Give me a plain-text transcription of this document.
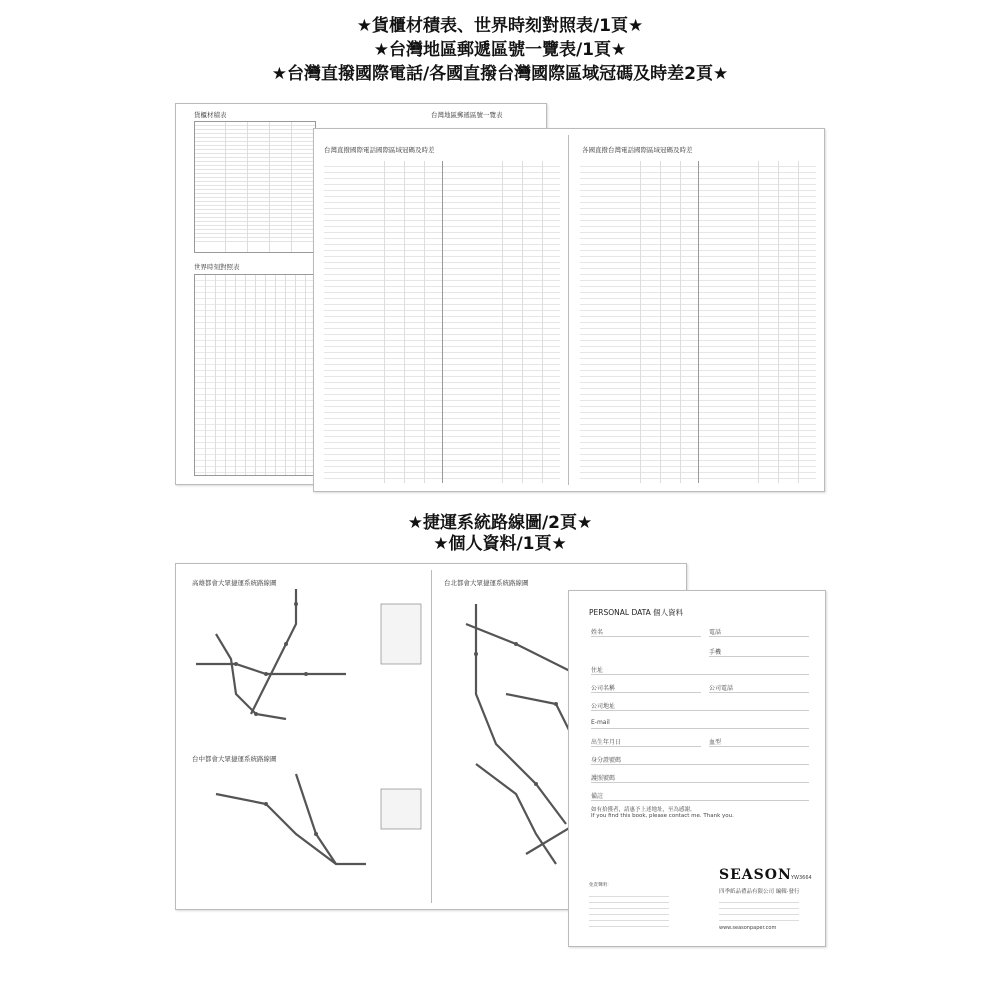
★貨櫃材積表、世界時刻對照表/1頁★
★台灣地區郵遞區號一覽表/1頁★
★台灣直撥國際電話/各國直撥台灣國際區域冠碼及時差2頁★
貨櫃材積表
世界時刻對照表
台灣地區郵遞區號一覽表
台灣直撥國際電話國際區域冠碼及時差	各國直撥台灣電話國際區域冠碼及時差
★捷運系統路線圖/2頁★
★個人資料/1頁★
高雄都會大眾捷運系統路線圖
台中都會大眾捷運系統路線圖
台北都會大眾捷運系統路線圖
PERSONAL DATA 個人資料
姓名	電話
手機
住址
公司名稱	公司電話
公司地址
E-mail
出生年月日	血型
身分證號碼
護照號碼
備註
如有拾獲者，請惠予上述地址，至為感謝。
If you find this book, please contact me. Thank you.
免責聲明：
SEASON YW3664
四季紙品禮品有限公司 編輯‧發行
www.seasonpaper.com
